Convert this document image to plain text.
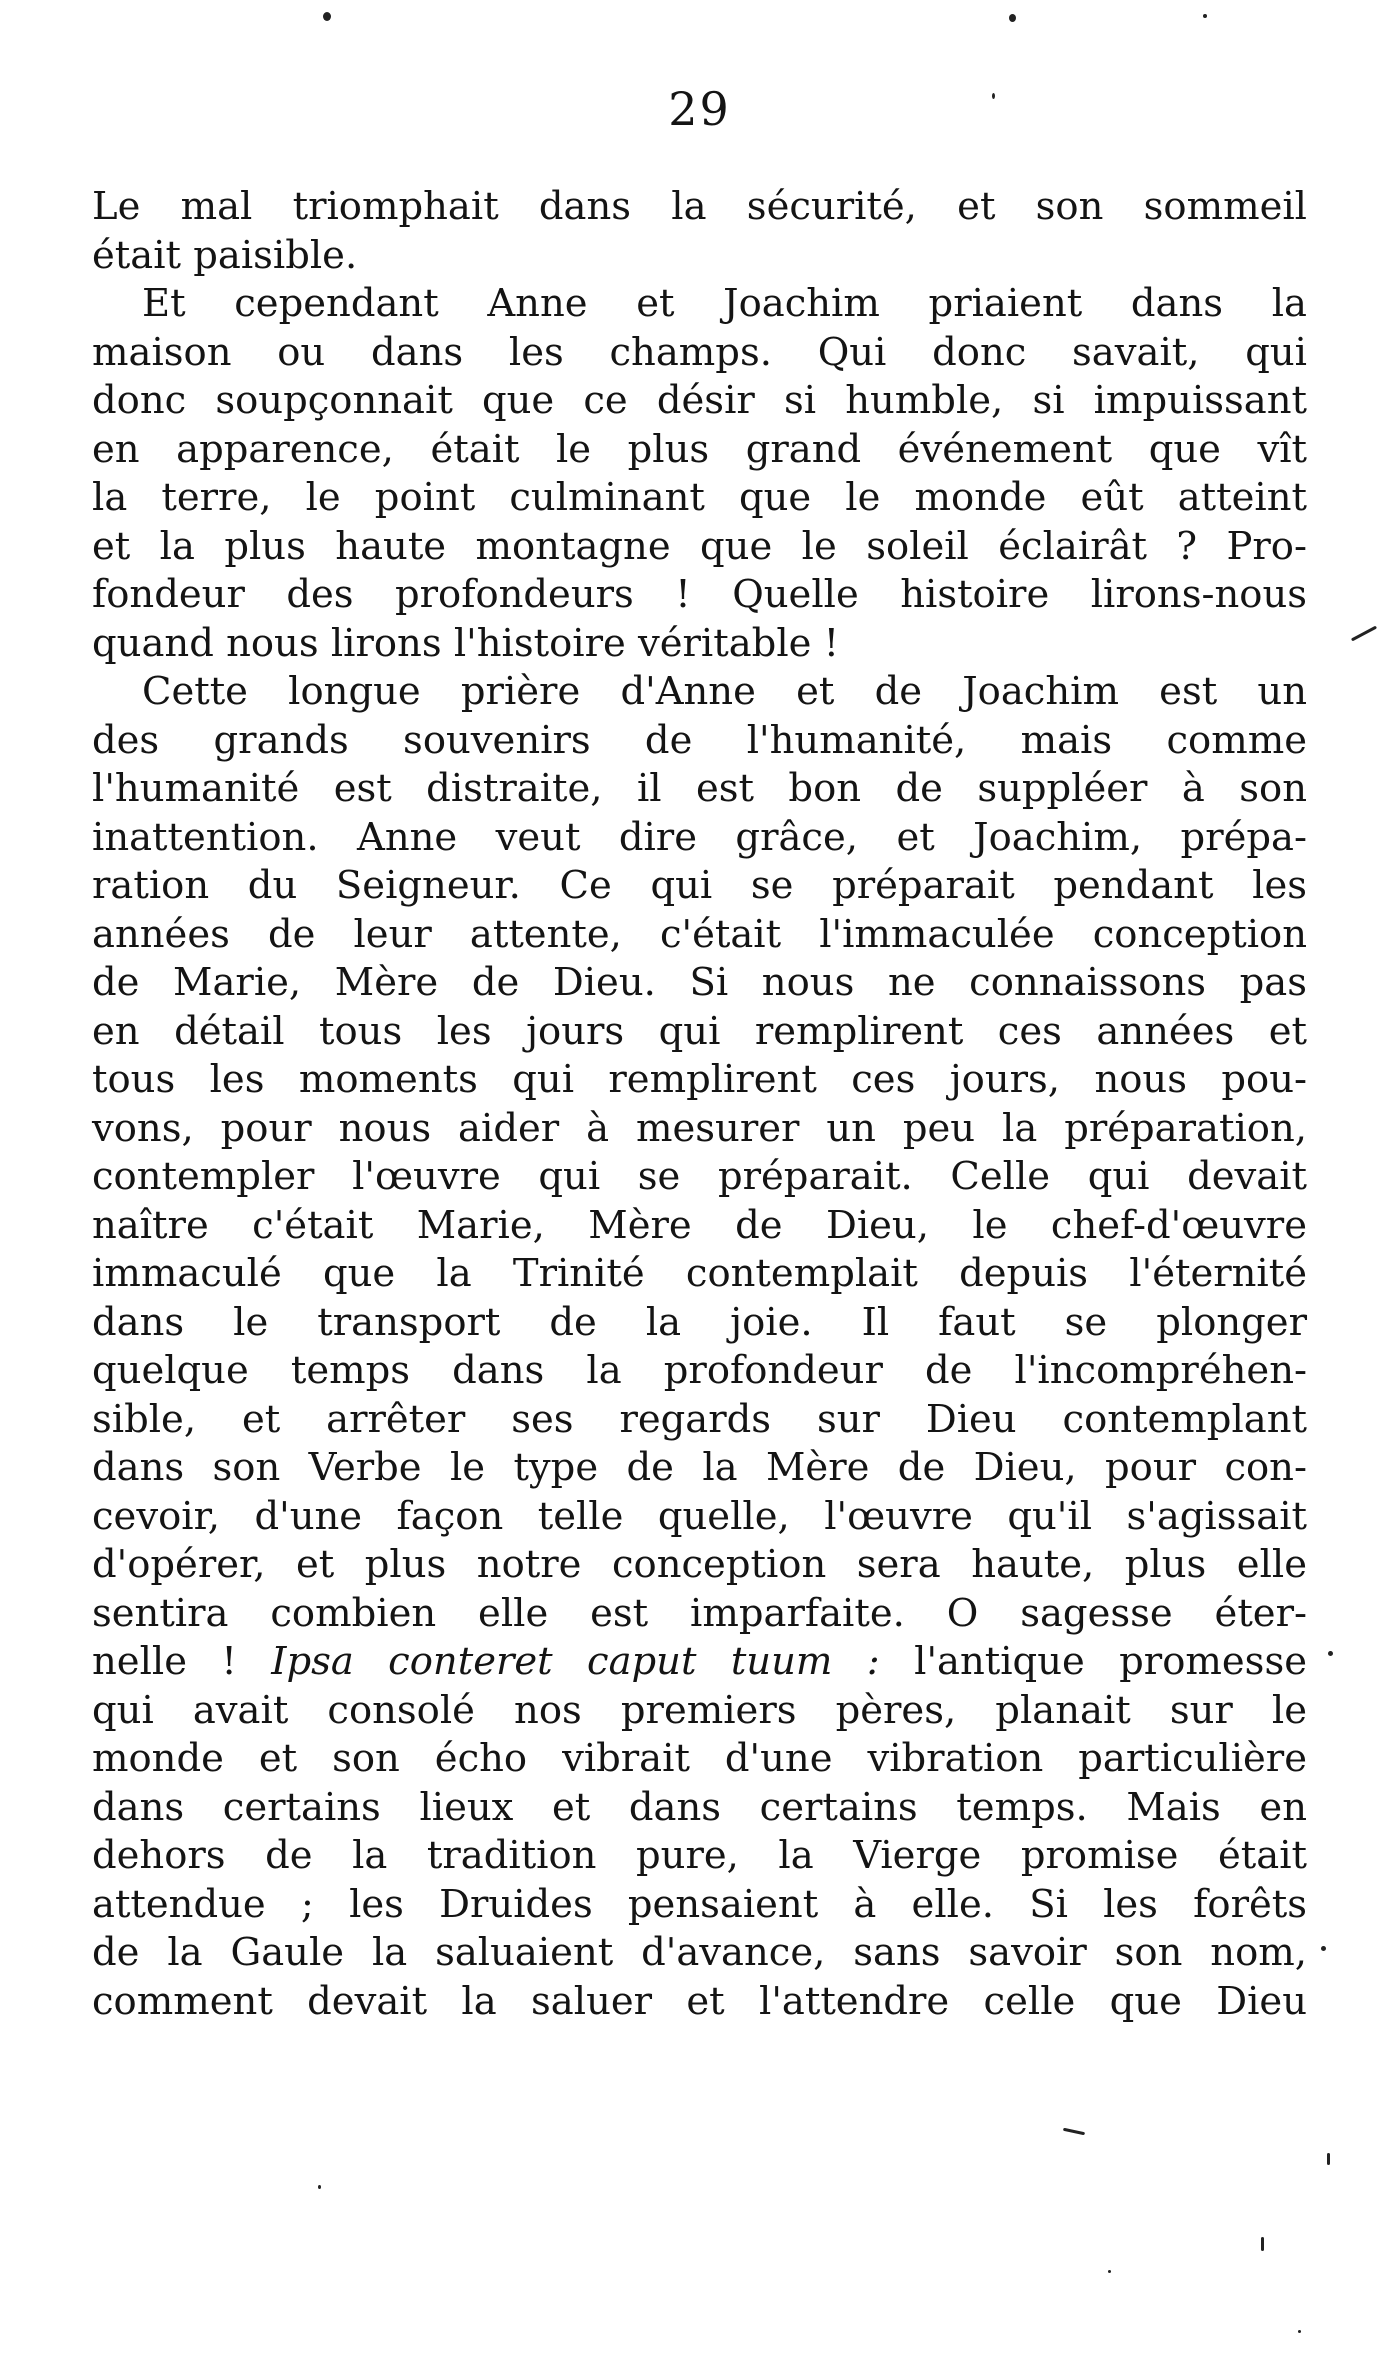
29
Le mal triomphait dans la sécurité, et son sommeil
était paisible.
Et cependant Anne et Joachim priaient dans la
maison ou dans les champs. Qui donc savait, qui
donc soupçonnait que ce désir si humble, si impuissant
en apparence, était le plus grand événement que vît
la terre, le point culminant que le monde eût atteint
et la plus haute montagne que le soleil éclairât ? Pro-
fondeur des profondeurs ! Quelle histoire lirons-nous
quand nous lirons l'histoire véritable !
Cette longue prière d'Anne et de Joachim est un
des grands souvenirs de l'humanité, mais comme
l'humanité est distraite, il est bon de suppléer à son
inattention. Anne veut dire grâce, et Joachim, prépa-
ration du Seigneur. Ce qui se préparait pendant les
années de leur attente, c'était l'immaculée conception
de Marie, Mère de Dieu. Si nous ne connaissons pas
en détail tous les jours qui remplirent ces années et
tous les moments qui remplirent ces jours, nous pou-
vons, pour nous aider à mesurer un peu la préparation,
contempler l'œuvre qui se préparait. Celle qui devait
naître c'était Marie, Mère de Dieu, le chef-d'œuvre
immaculé que la Trinité contemplait depuis l'éternité
dans le transport de la joie. Il faut se plonger
quelque temps dans la profondeur de l'incompréhen-
sible, et arrêter ses regards sur Dieu contemplant
dans son Verbe le type de la Mère de Dieu, pour con-
cevoir, d'une façon telle quelle, l'œuvre qu'il s'agissait
d'opérer, et plus notre conception sera haute, plus elle
sentira combien elle est imparfaite. O sagesse éter-
nelle ! Ipsa conteret caput tuum : l'antique promesse
qui avait consolé nos premiers pères, planait sur le
monde et son écho vibrait d'une vibration particulière
dans certains lieux et dans certains temps. Mais en
dehors de la tradition pure, la Vierge promise était
attendue ; les Druides pensaient à elle. Si les forêts
de la Gaule la saluaient d'avance, sans savoir son nom,
comment devait la saluer et l'attendre celle que Dieu
